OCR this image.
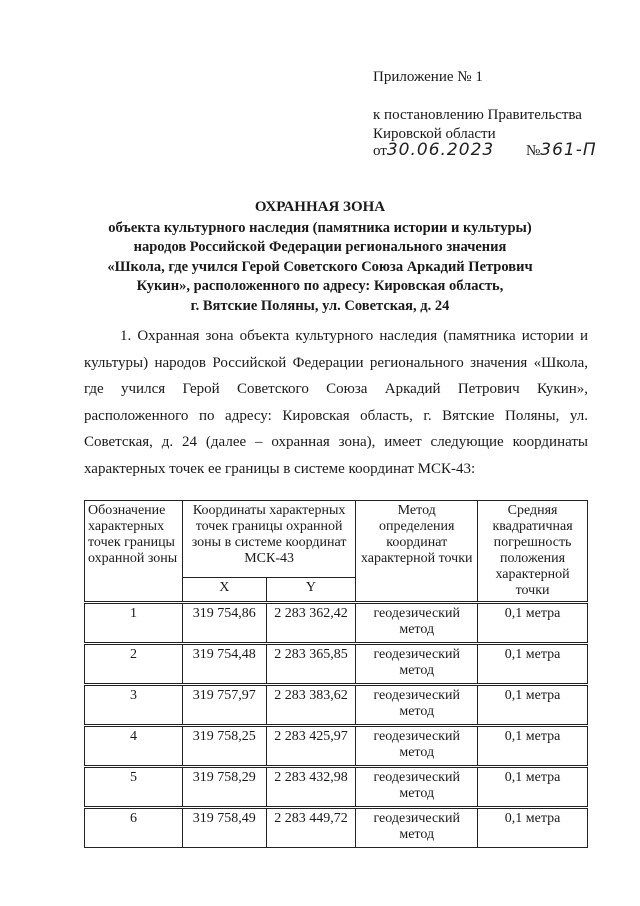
Приложение № 1
к постановлению Правительства
Кировской области
от30.06.2023 №361-П
ОХРАННАЯ ЗОНА
объекта культурного наследия (памятника истории и культуры)
народов Российской Федерации регионального значения
«Школа, где учился Герой Советского Союза Аркадий Петрович
Кукин», расположенного по адресу: Кировская область,
г. Вятские Поляны, ул. Советская, д. 24
1. Охранная зона объекта культурного наследия (памятника истории и культуры) народов Российской Федерации регионального значения «Школа, где учился Герой Советского Союза Аркадий Петрович Кукин», расположенного по адресу: Кировская область, г. Вятские Поляны, ул. Советская, д. 24 (далее – охранная зона), имеет следующие координаты характерных точек ее границы в системе координат МСК-43:
Обозначение характерных точек границы охранной зоны	Координаты характерных точек границы охранной зоны в системе координат МСК-43		Метод определения координат характерной точки	Средняя квадратичная погрешность положения характерной точки
	X	Y		
1	319 754,86	2 283 362,42	геодезический метод	0,1 метра
2	319 754,48	2 283 365,85	геодезический метод	0,1 метра
3	319 757,97	2 283 383,62	геодезический метод	0,1 метра
4	319 758,25	2 283 425,97	геодезический метод	0,1 метра
5	319 758,29	2 283 432,98	геодезический метод	0,1 метра
6	319 758,49	2 283 449,72	геодезический метод	0,1 метра
